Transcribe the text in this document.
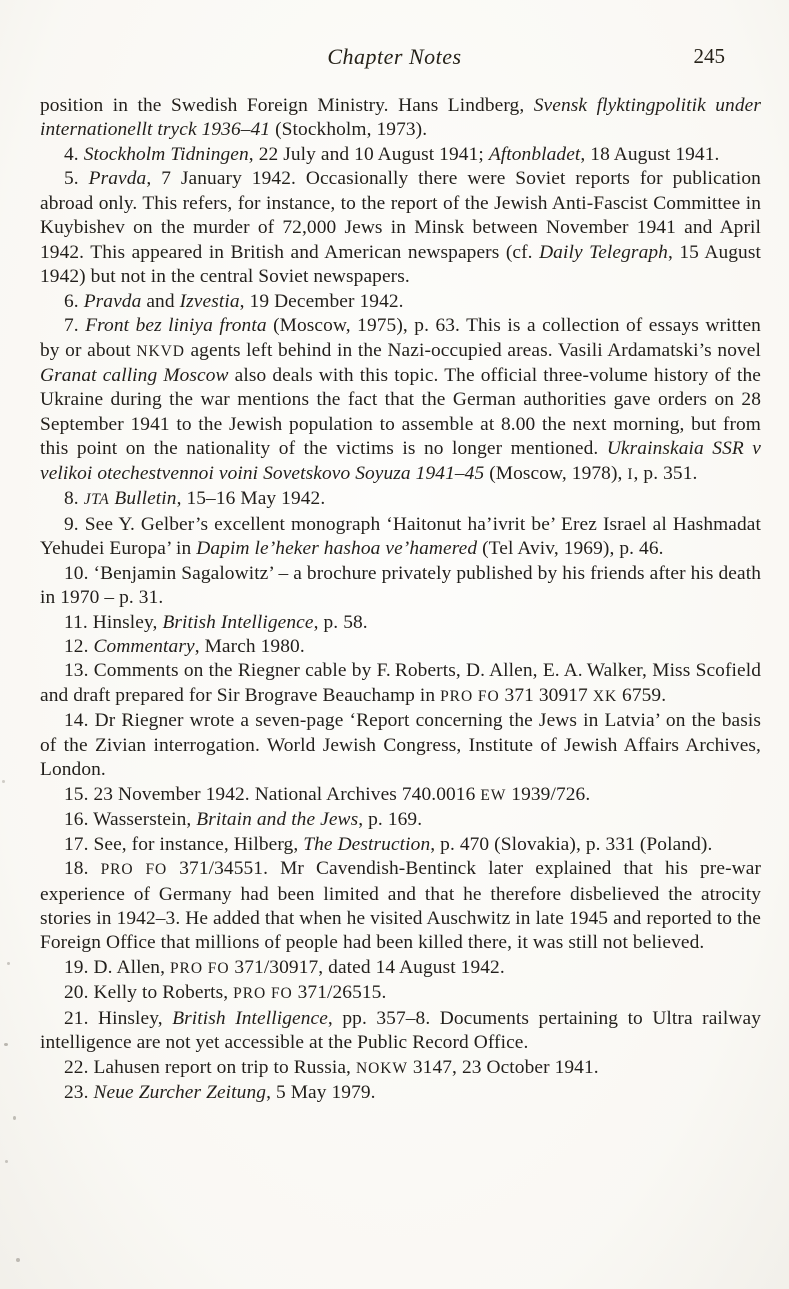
Chapter Notes	245

position in the Swedish Foreign Ministry. Hans Lindberg, Svensk flyktingpolitik under internationellt tryck 1936–41 (Stockholm, 1973).

4. Stockholm Tidningen, 22 July and 10 August 1941; Aftonbladet, 18 August 1941.

5. Pravda, 7 January 1942. Occasionally there were Soviet reports for publication abroad only. This refers, for instance, to the report of the Jewish Anti-Fascist Committee in Kuybishev on the murder of 72,000 Jews in Minsk between November 1941 and April 1942. This appeared in British and American newspapers (cf. Daily Telegraph, 15 August 1942) but not in the central Soviet newspapers.

6. Pravda and Izvestia, 19 December 1942.

7. Front bez liniya fronta (Moscow, 1975), p. 63. This is a collection of essays written by or about NKVD agents left behind in the Nazi-occupied areas. Vasili Ardamatski’s novel Granat calling Moscow also deals with this topic. The official three-volume history of the Ukraine during the war mentions the fact that the German authorities gave orders on 28 September 1941 to the Jewish population to assemble at 8.00 the next morning, but from this point on the nationality of the victims is no longer mentioned. Ukrainskaia SSR v velikoi otechestvennoi voini Sovetskovo Soyuza 1941–45 (Moscow, 1978), I, p. 351.

8. JTA Bulletin, 15–16 May 1942.

9. See Y. Gelber’s excellent monograph ‘Haitonut ha’ivrit be’ Erez Israel al Hashmadat Yehudei Europa’ in Dapim le’heker hashoa ve’hamered (Tel Aviv, 1969), p. 46.

10. ‘Benjamin Sagalowitz’ – a brochure privately published by his friends after his death in 1970 – p. 31.

11. Hinsley, British Intelligence, p. 58.

12. Commentary, March 1980.

13. Comments on the Riegner cable by F. Roberts, D. Allen, E. A. Walker, Miss Scofield and draft prepared for Sir Brograve Beauchamp in PRO FO 371 30917 XK 6759.

14. Dr Riegner wrote a seven-page ‘Report concerning the Jews in Latvia’ on the basis of the Zivian interrogation. World Jewish Congress, Institute of Jewish Affairs Archives, London.

15. 23 November 1942. National Archives 740.0016 EW 1939/726.

16. Wasserstein, Britain and the Jews, p. 169.

17. See, for instance, Hilberg, The Destruction, p. 470 (Slovakia), p. 331 (Poland).

18. PRO FO 371/34551. Mr Cavendish-Bentinck later explained that his pre-war experience of Germany had been limited and that he therefore disbelieved the atrocity stories in 1942–3. He added that when he visited Auschwitz in late 1945 and reported to the Foreign Office that millions of people had been killed there, it was still not believed.

19. D. Allen, PRO FO 371/30917, dated 14 August 1942.

20. Kelly to Roberts, PRO FO 371/26515.

21. Hinsley, British Intelligence, pp. 357–8. Documents pertaining to Ultra railway intelligence are not yet accessible at the Public Record Office.

22. Lahusen report on trip to Russia, NOKW 3147, 23 October 1941.

23. Neue Zurcher Zeitung, 5 May 1979.
